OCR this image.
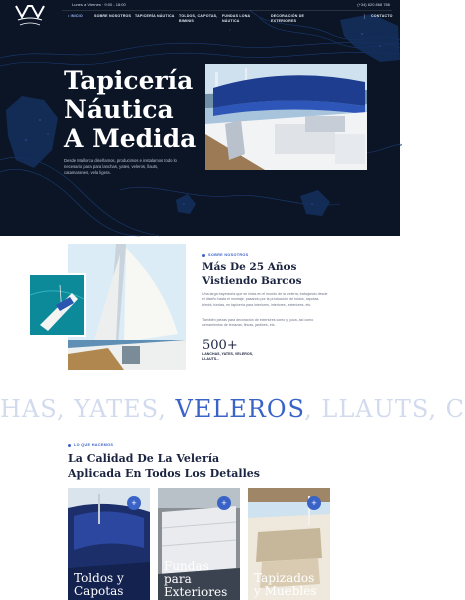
Lunes a Viernes · 9:00 - 18:00	(+34) 620 868 786
• INICIO	SOBRE NOSOTROS	TAPICERÍA NÁUTICA TOLDOS, CAPOTAS, BIMINIS
FUNDAS LONA NÁUTICA
DECORACIÓN DE EXTERIORES
CONTACTO
Tapicería
Náutica
A Medida

Desde Mallorca diseñamos, producimos e instalamos todo lo necesario para para lanchas, yates, veleros, llauts, catamaranes, vela ligera.

SOBRE NOSOTROS
Más De 25 Años
Vistiendo Barcos

Una larga trayectoria que se inicia en el mundo de la velería, trabajando desde el diseño hasta el montaje, pasando por la producción de toldos, capotas, bimini, fundas, en tapicería para interiores, interiores, exteriores, etc.

También piezas para decoración de exteriores como y yuca, así como cerramientos de terrazas, fincas, jardines, etc.

500+
LANCHAS, YATES, VELEROS, LLAUTS...
HAS, YATES, VELEROS, LLAUTS, C
LO QUE HACEMOS
La Calidad De La Velería
Aplicada En Todos Los Detalles
+
Toldos y
Capotas
+
Fundas
para
Exteriores
+
Tapizados
y Muebles
